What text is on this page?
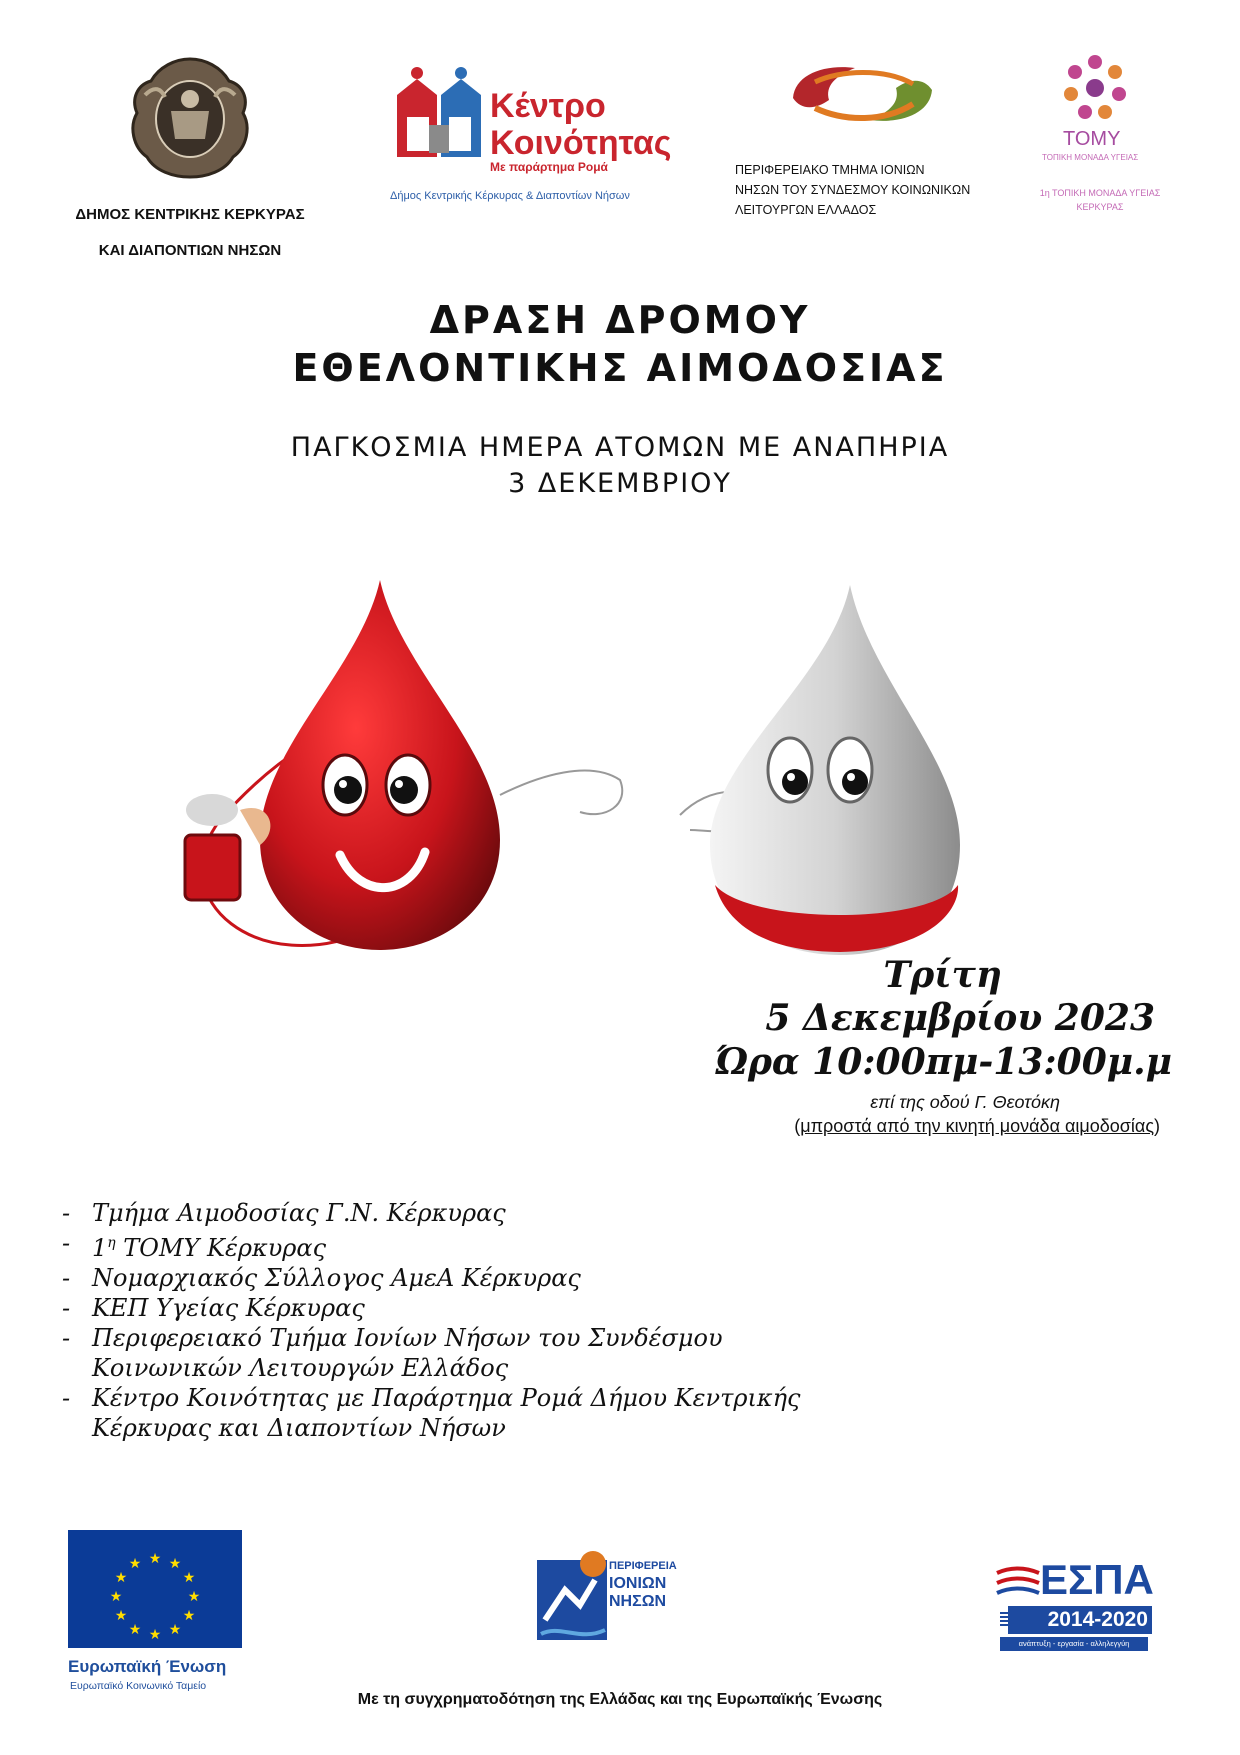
ΔΗΜΟΣ ΚΕΝΤΡΙΚΗΣ ΚΕΡΚΥΡΑΣ
ΚΑΙ ΔΙΑΠΟΝΤΙΩΝ ΝΗΣΩΝ
Κέντρο
Κοινότητας
Με παράρτημα Ρομά
Δήμος Κεντρικής Κέρκυρας & Διαποντίων Νήσων
ΣΚΛΕ
ΠΕΡΙΦΕΡΕΙΑΚΟ ΤΜΗΜΑ ΙΟΝΙΩΝ
ΝΗΣΩΝ ΤΟΥ ΣΥΝΔΕΣΜΟΥ ΚΟΙΝΩΝΙΚΩΝ
ΛΕΙΤΟΥΡΓΩΝ ΕΛΛΑΔΟΣ
TOMY
ΤΟΠΙΚΗ ΜΟΝΑΔΑ ΥΓΕΙΑΣ
1η ΤΟΠΙΚΗ ΜΟΝΑΔΑ ΥΓΕΙΑΣ
ΚΕΡΚΥΡΑΣ
ΔΡΑΣΗ ΔΡΟΜΟΥ
ΕΘΕΛΟΝΤΙΚΗΣ ΑΙΜΟΔΟΣΙΑΣ
ΠΑΓΚΟΣΜΙΑ ΗΜΕΡΑ ΑΤΟΜΩΝ ΜΕ ΑΝΑΠΗΡΙΑ
3 ΔΕΚΕΜΒΡΙΟΥ
Τρίτη
5 Δεκεμβρίου 2023
Ώρα 10:00πμ-13:00μ.μ
επί της οδού Γ. Θεοτόκη
(μπροστά από την κινητή μονάδα αιμοδοσίας)
- Τμήμα Αιμοδοσίας Γ.Ν. Κέρκυρας
- $1^\eta$ ΤΟΜΥ Κέρκυρας
- Νομαρχιακός Σύλλογος ΑμεΑ Κέρκυρας
- ΚΕΠ Υγείας Κέρκυρας
- Περιφερειακό Τμήμα Ιονίων Νήσων του Συνδέσμου
Κοινωνικών Λειτουργών Ελλάδος
- Κέντρο Κοινότητας με Παράρτημα Ρομά Δήμου Κεντρικής
Κέρκυρας και Διαποντίων Νήσων
★ ★
★
★
★
★
★
★
★
★
★
★
Ευρωπαϊκή Ένωση
Ευρωπαϊκό Κοινωνικό Ταμείο
ΠΕΡΙΦΕΡΕΙΑ
ΙΟΝΙΩΝ
ΝΗΣΩΝ	ΕΣΠΑ
2014-2020
ανάπτυξη - εργασία - αλληλεγγύη
Με τη συγχρηματοδότηση της Ελλάδας και της Ευρωπαϊκής Ένωσης
